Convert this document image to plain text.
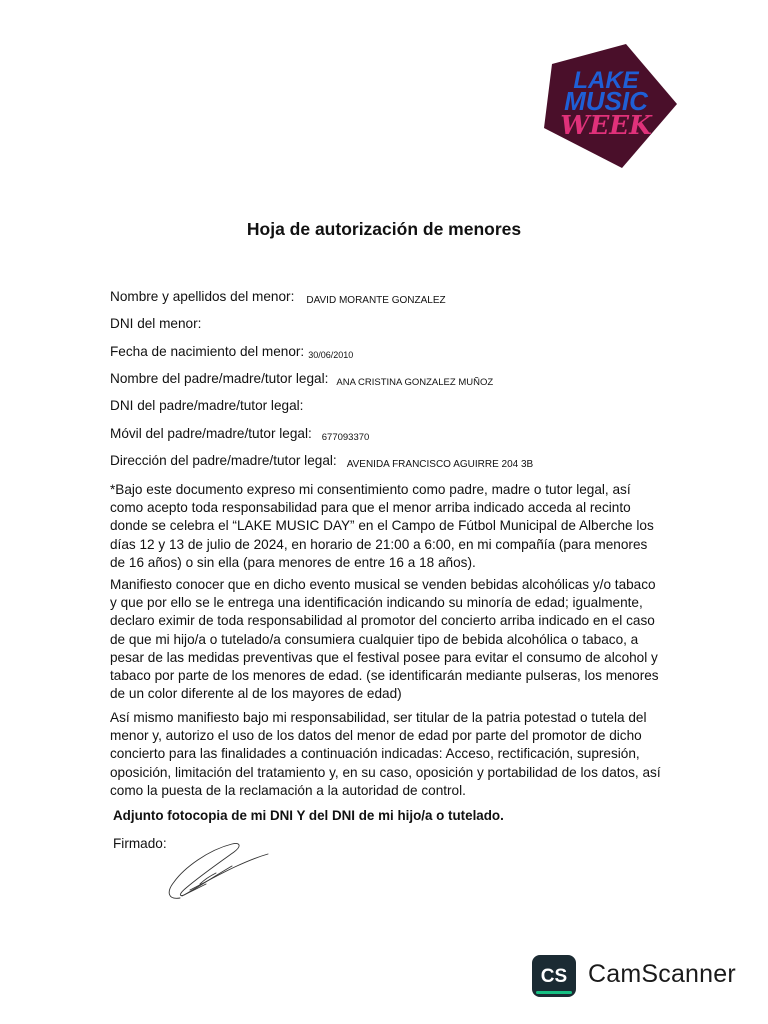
LAKE
MUSIC
WEEK
Hoja de autorización de menores
Nombre y apellidos del menor: DAVID MORANTE GONZALEZ
DNI del menor:
Fecha de nacimiento del menor: 30/06/2010
Nombre del padre/madre/tutor legal: ANA CRISTINA GONZALEZ MUÑOZ
DNI del padre/madre/tutor legal:
Móvil del padre/madre/tutor legal: 677093370
Dirección del padre/madre/tutor legal: AVENIDA FRANCISCO AGUIRRE 204 3B
*Bajo este documento expreso mi consentimiento como padre, madre o tutor legal, así como acepto toda responsabilidad para que el menor arriba indicado acceda al recinto donde se celebra el “LAKE MUSIC DAY” en el Campo de Fútbol Municipal de Alberche los días 12 y 13 de julio de 2024, en horario de 21:00 a 6:00, en mi compañía (para menores de 16 años) o sin ella (para menores de entre 16 a 18 años).
Manifiesto conocer que en dicho evento musical se venden bebidas alcohólicas y/o tabaco y que por ello se le entrega una identificación indicando su minoría de edad; igualmente, declaro eximir de toda responsabilidad al promotor del concierto arriba indicado en el caso de que mi hijo/a o tutelado/a consumiera cualquier tipo de bebida alcohólica o tabaco, a pesar de las medidas preventivas que el festival posee para evitar el consumo de alcohol y tabaco por parte de los menores de edad. (se identificarán mediante pulseras, los menores de un color diferente al de los mayores de edad)
Así mismo manifiesto bajo mi responsabilidad, ser titular de la patria potestad o tutela del menor y, autorizo el uso de los datos del menor de edad por parte del promotor de dicho concierto para las finalidades a continuación indicadas: Acceso, rectificación, supresión, oposición, limitación del tratamiento y, en su caso, oposición y portabilidad de los datos, así como la puesta de la reclamación a la autoridad de control.
Adjunto fotocopia de mi DNI Y del DNI de mi hijo/a o tutelado.
Firmado:
CS CamScanner
